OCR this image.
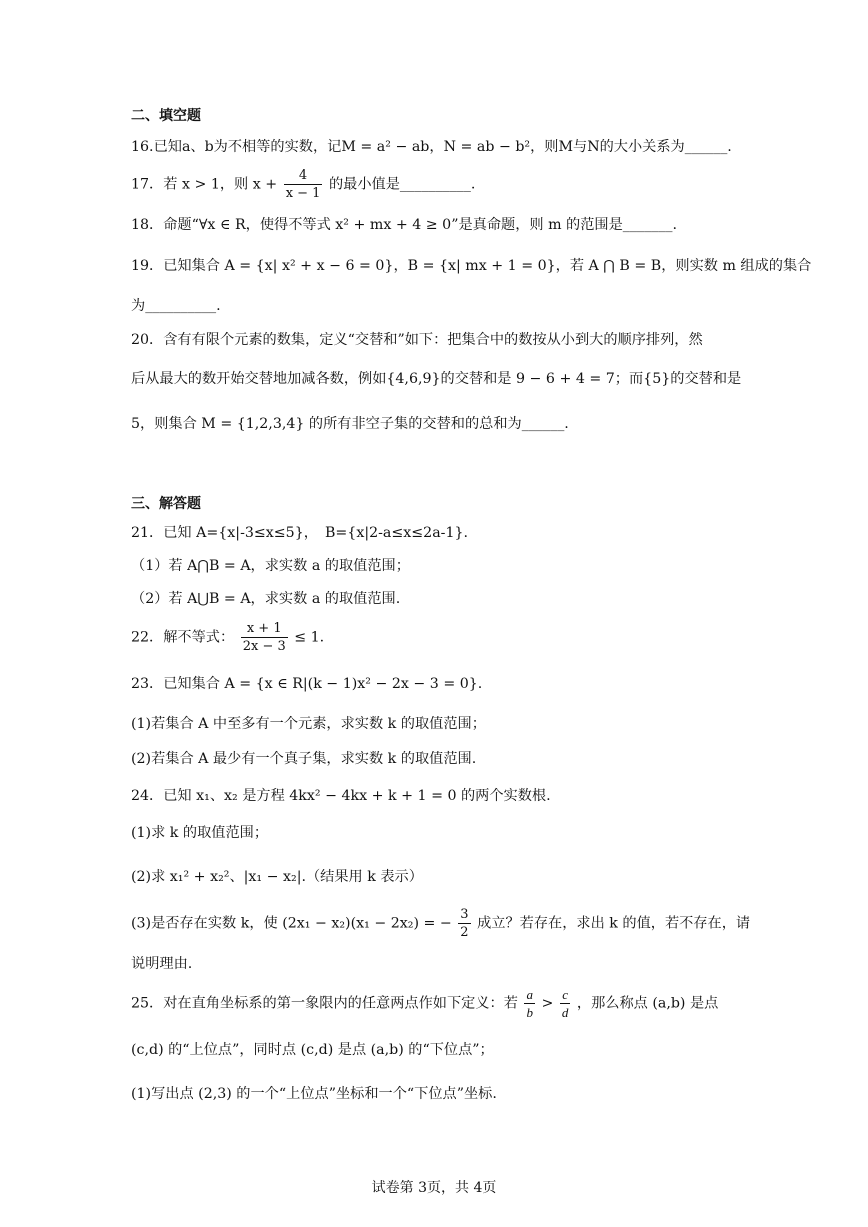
二、填空题
16.已知a、b为不相等的实数，记M = a² − ab，N = ab − b²，则M与N的大小关系为______.
17．若 x > 1，则 $x + \frac{4}{x - 1}$ 的最小值是__________.
18．命题“∀x ∈ R，使得不等式 x² + mx + 4 ≥ 0”是真命题，则 m 的范围是_______.
19．已知集合 A = {x| x² + x − 6 = 0}，B = {x| mx + 1 = 0}，若 A ⋂ B = B，则实数 m 组成的集合
为__________.
20．含有有限个元素的数集，定义“交替和”如下：把集合中的数按从小到大的顺序排列，然
后从最大的数开始交替地加减各数，例如{4,6,9}的交替和是 9 − 6 + 4 = 7；而{5}的交替和是
5，则集合 M = {1,2,3,4} 的所有非空子集的交替和的总和为______.
三、解答题
21．已知 A={x|-3≤x≤5}，　B={x|2-a≤x≤2a-1}.
（1）若 A⋂B = A，求实数 a 的取值范围；
（2）若 A⋃B = A，求实数 a 的取值范围.
22．解不等式： $\frac{x + 1}{2x - 3} \le 1$.
23．已知集合 A = {x ∈ R|(k − 1)x² − 2x − 3 = 0}.
(1)若集合 A 中至多有一个元素，求实数 k 的取值范围；
(2)若集合 A 最少有一个真子集，求实数 k 的取值范围.
24．已知 x₁、x₂ 是方程 4kx² − 4kx + k + 1 = 0 的两个实数根.
(1)求 k 的取值范围；
(2)求 x₁² + x₂²、|x₁ − x₂|.（结果用 k 表示）
(3)是否存在实数 k，使 (2x₁ − x₂)(x₁ − 2x₂) = − $\frac{3}{2}$ 成立？若存在，求出 k 的值，若不存在，请
说明理由.
25．对在直角坐标系的第一象限内的任意两点作如下定义：若 $\frac{a}{b} > \frac{c}{d}$ ，那么称点 (a,b) 是点
(c,d) 的“上位点”，同时点 (c,d) 是点 (a,b) 的“下位点”；
(1)写出点 (2,3) 的一个“上位点”坐标和一个“下位点”坐标.
试卷第 3页，共 4页
